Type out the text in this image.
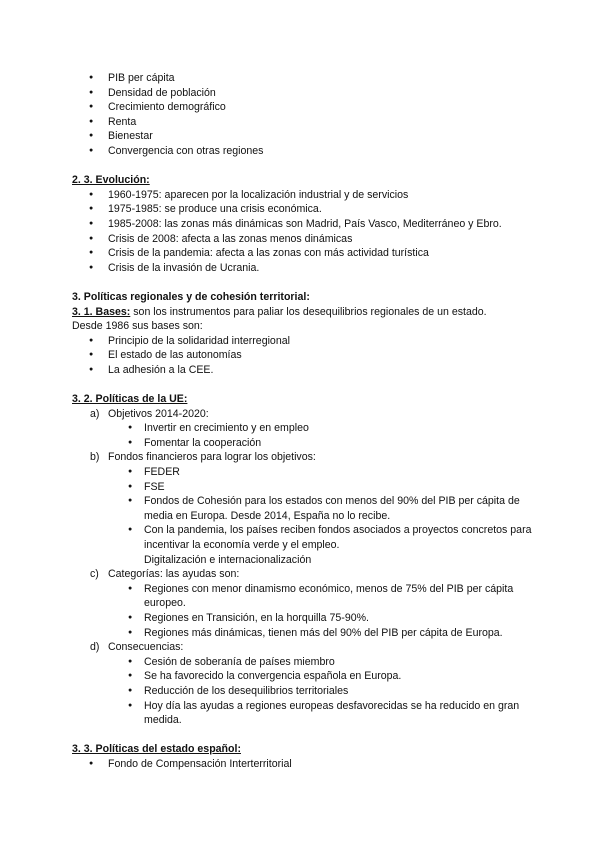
● PIB per cápita
● Densidad de población
● Crecimiento demográfico
● Renta
● Bienestar
● Convergencia con otras regiones
2. 3. Evolución:
● 1960-1975: aparecen por la localización industrial y de servicios
● 1975-1985: se produce una crisis económica.
● 1985-2008: las zonas más dinámicas son Madrid, País Vasco, Mediterráneo y Ebro.
● Crisis de 2008: afecta a las zonas menos dinámicas
● Crisis de la pandemia: afecta a las zonas con más actividad turística
● Crisis de la invasión de Ucrania.
3. Políticas regionales y de cohesión territorial:
3. 1. Bases: son los instrumentos para paliar los desequilibrios regionales de un estado.
Desde 1986 sus bases son:
● Principio de la solidaridad interregional
● El estado de las autonomías
● La adhesión a la CEE.
3. 2. Políticas de la UE:
a) Objetivos 2014-2020:
● Invertir en crecimiento y en empleo
● Fomentar la cooperación
b) Fondos financieros para lograr los objetivos:
● FEDER
● FSE
● Fondos de Cohesión para los estados con menos del 90% del PIB per cápita de media en Europa. Desde 2014, España no lo recibe.
● Con la pandemia, los países reciben fondos asociados a proyectos concretos para incentivar la economía verde y el empleo.
Digitalización e internacionalización
c) Categorías: las ayudas son:
● Regiones con menor dinamismo económico, menos de 75% del PIB per cápita europeo.
● Regiones en Transición, en la horquilla 75-90%.
● Regiones más dinámicas, tienen más del 90% del PIB per cápita de Europa.
d) Consecuencias:
● Cesión de soberanía de países miembro
● Se ha favorecido la convergencia española en Europa.
● Reducción de los desequilibrios territoriales
● Hoy día las ayudas a regiones europeas desfavorecidas se ha reducido en gran medida.
3. 3. Políticas del estado español:
● Fondo de Compensación Interterritorial
